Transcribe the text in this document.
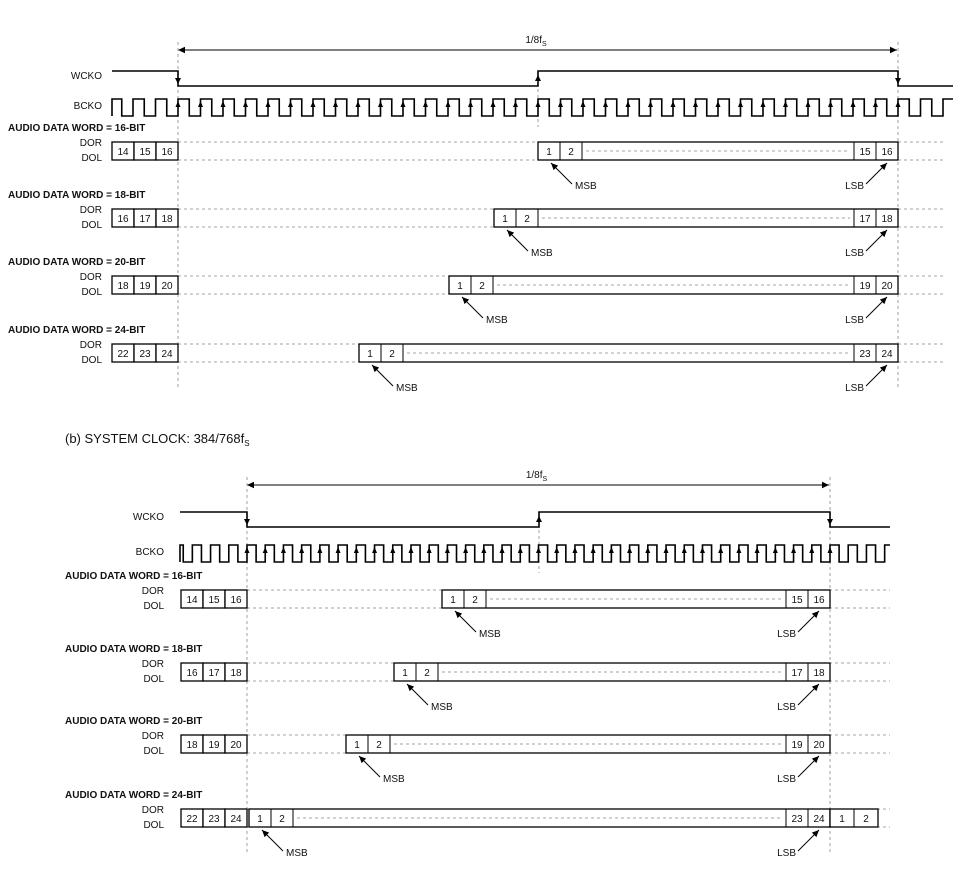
(b) SYSTEM CLOCK: $384/768f_S$
$1/8f_S$
WCKO
BCKO
AUDIO DATA WORD = 16-BIT
DOR
DOL
14 15 16	1 2	15 16
MSB	LSB
AUDIO DATA WORD = 18-BIT
DOR
DOL
16 17 18	1 2	17 18
MSB	LSB
AUDIO DATA WORD = 20-BIT
DOR
DOL
18 19 20	1 2	19 20
MSB	LSB
AUDIO DATA WORD = 24-BIT
DOR
DOL
22 23 24	1 2	23 24
MSB	LSB
$1/8f_S$
WCKO
BCKO
AUDIO DATA WORD = 16-BIT
DOR
DOL
14 15 16	1 2	15 16
MSB	LSB
AUDIO DATA WORD = 18-BIT
DOR
DOL
16 17 18	1 2	17 18
MSB	LSB
AUDIO DATA WORD = 20-BIT
DOR
DOL
18 19 20	1 2	19 20
MSB	LSB
AUDIO DATA WORD = 24-BIT
DOR
DOL
22 23 24 1 2	23 24 1 2
MSB	LSB
